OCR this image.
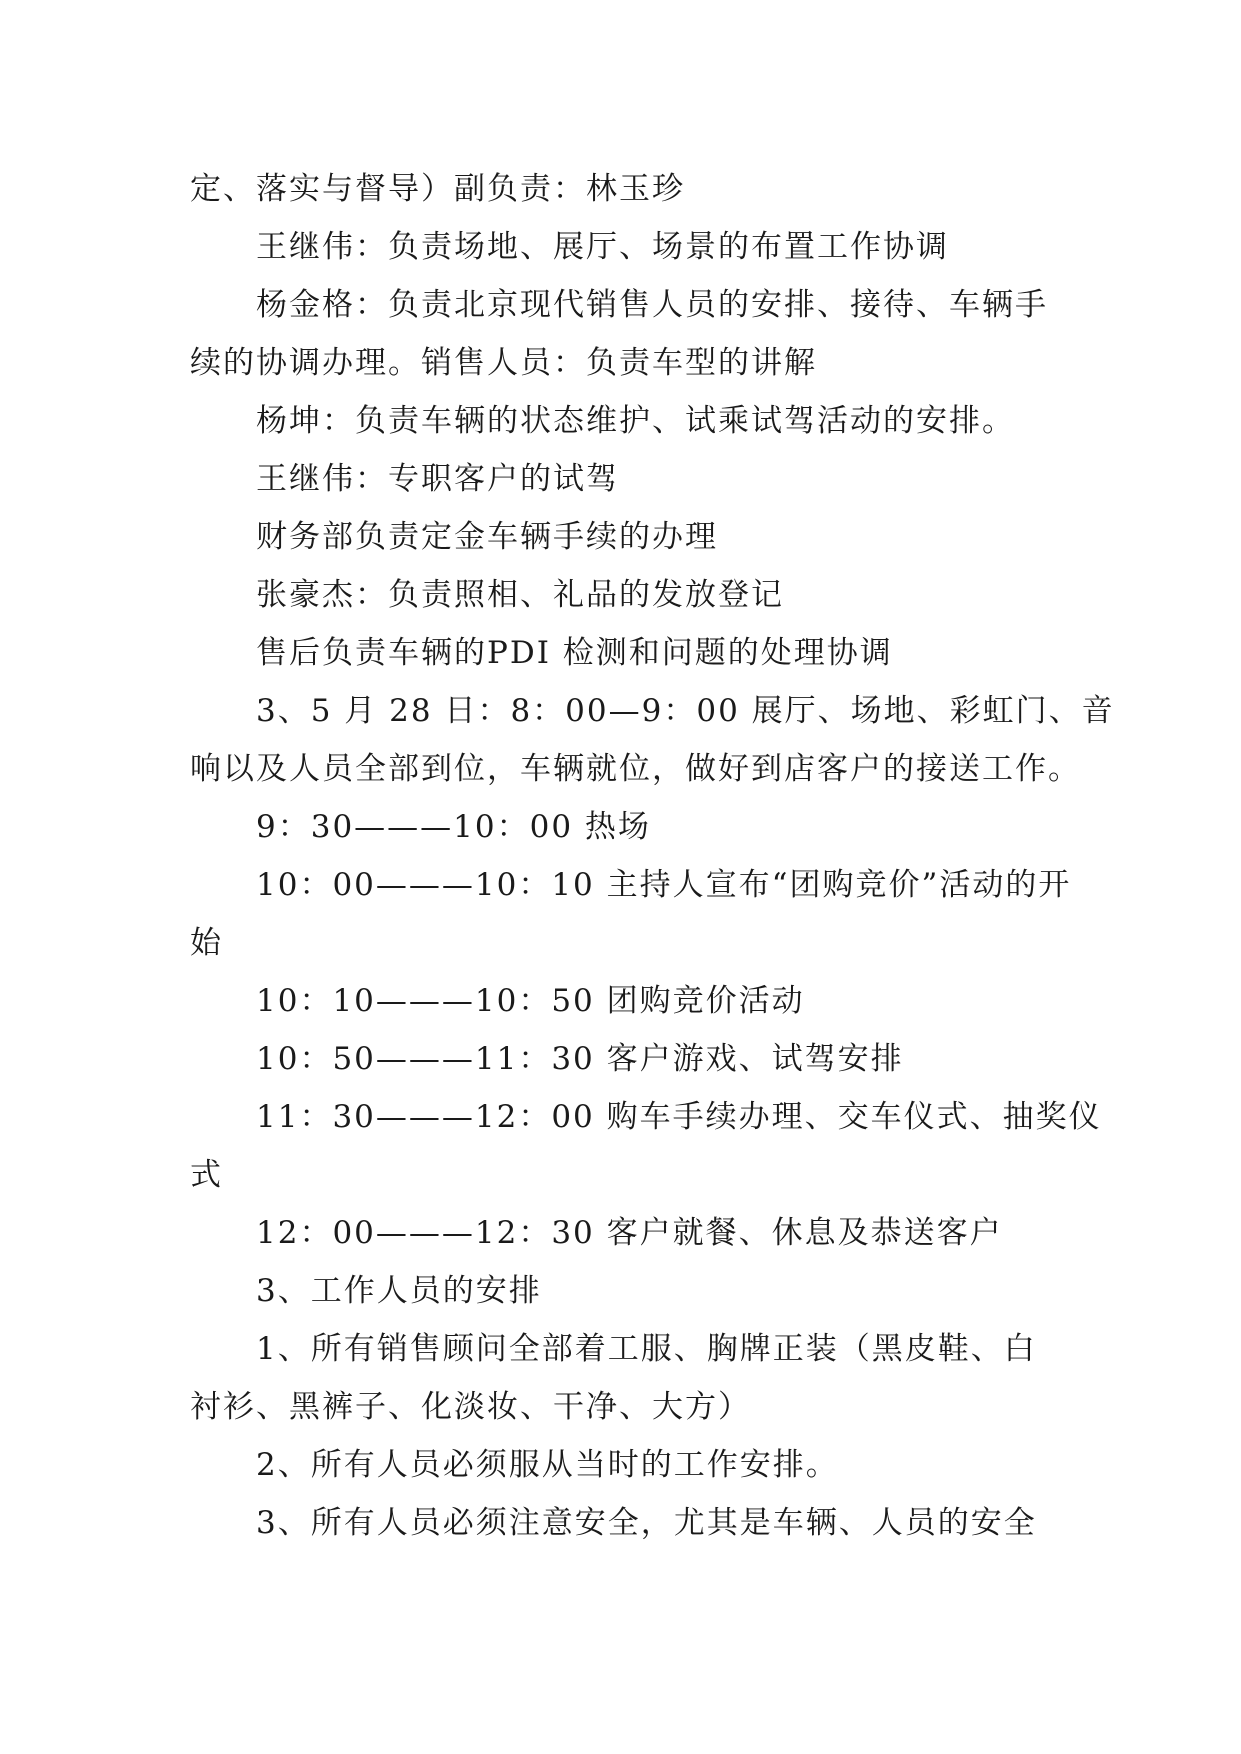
定、落实与督导）副负责：林玉珍
王继伟：负责场地、展厅、场景的布置工作协调
杨金格：负责北京现代销售人员的安排、接待、车辆手
续的协调办理。销售人员：负责车型的讲解
杨坤：负责车辆的状态维护、试乘试驾活动的安排。
王继伟：专职客户的试驾
财务部负责定金车辆手续的办理
张豪杰：负责照相、礼品的发放登记
售后负责车辆的PDI 检测和问题的处理协调
3、5 月 28 日：8：00—9：00 展厅、场地、彩虹门、音
响以及人员全部到位，车辆就位，做好到店客户的接送工作。
9：30———10：00 热场
10：00———10：10 主持人宣布“团购竞价”活动的开
始
10：10———10：50 团购竞价活动
10：50———11：30 客户游戏、试驾安排
11：30———12：00 购车手续办理、交车仪式、抽奖仪
式
12：00———12：30 客户就餐、休息及恭送客户
3、工作人员的安排
1、所有销售顾问全部着工服、胸牌正装（黑皮鞋、白
衬衫、黑裤子、化淡妆、干净、大方）
2、所有人员必须服从当时的工作安排。
3、所有人员必须注意安全，尤其是车辆、人员的安全
